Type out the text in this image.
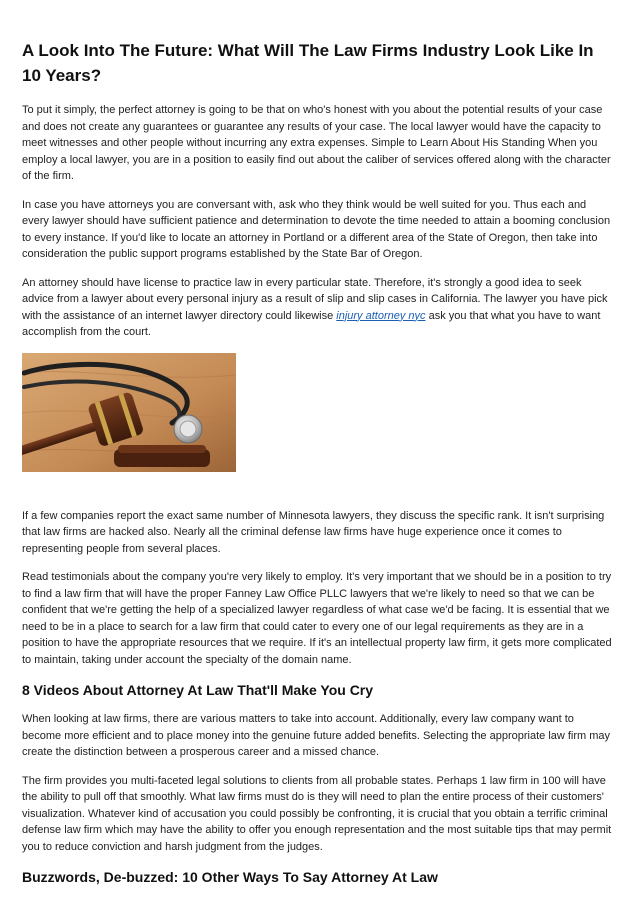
A Look Into The Future: What Will The Law Firms Industry Look Like In 10 Years?

To put it simply, the perfect attorney is going to be that on who's honest with you about the potential results of your case and does not create any guarantees or guarantee any results of your case. The local lawyer would have the capacity to meet witnesses and other people without incurring any extra expenses. Simple to Learn About His Standing When you employ a local lawyer, you are in a position to easily find out about the caliber of services offered along with the character of the firm.

In case you have attorneys you are conversant with, ask who they think would be well suited for you. Thus each and every lawyer should have sufficient patience and determination to devote the time needed to attain a booming conclusion to every instance. If you'd like to locate an attorney in Portland or a different area of the State of Oregon, then take into consideration the public support programs established by the State Bar of Oregon.

An attorney should have license to practice law in every particular state. Therefore, it's strongly a good idea to seek advice from a lawyer about every personal injury as a result of slip and slip cases in California. The lawyer you have pick with the assistance of an internet lawyer directory could likewise injury attorney nyc ask you that what you have to want accomplish from the court.

If a few companies report the exact same number of Minnesota lawyers, they discuss the specific rank. It isn't surprising that law firms are hacked also. Nearly all the criminal defense law firms have huge experience once it comes to representing people from several places.

Read testimonials about the company you're very likely to employ. It's very important that we should be in a position to try to find a law firm that will have the proper Fanney Law Office PLLC lawyers that we're likely to need so that we can be confident that we're getting the help of a specialized lawyer regardless of what case we'd be facing. It is essential that we need to be in a place to search for a law firm that could cater to every one of our legal requirements as they are in a position to have the appropriate resources that we require. If it's an intellectual property law firm, it gets more complicated to maintain, taking under account the specialty of the domain name.

8 Videos About Attorney At Law That'll Make You Cry

When looking at law firms, there are various matters to take into account. Additionally, every law company want to become more efficient and to place money into the genuine future added benefits. Selecting the appropriate law firm may create the distinction between a prosperous career and a missed chance.

The firm provides you multi-faceted legal solutions to clients from all probable states. Perhaps 1 law firm in 100 will have the ability to pull off that smoothly. What law firms must do is they will need to plan the entire process of their customers' visualization. Whatever kind of accusation you could possibly be confronting, it is crucial that you obtain a terrific criminal defense law firm which may have the ability to offer you enough representation and the most suitable tips that may permit you to reduce conviction and harsh judgment from the judges.

Buzzwords, De-buzzed: 10 Other Ways To Say Attorney At Law
